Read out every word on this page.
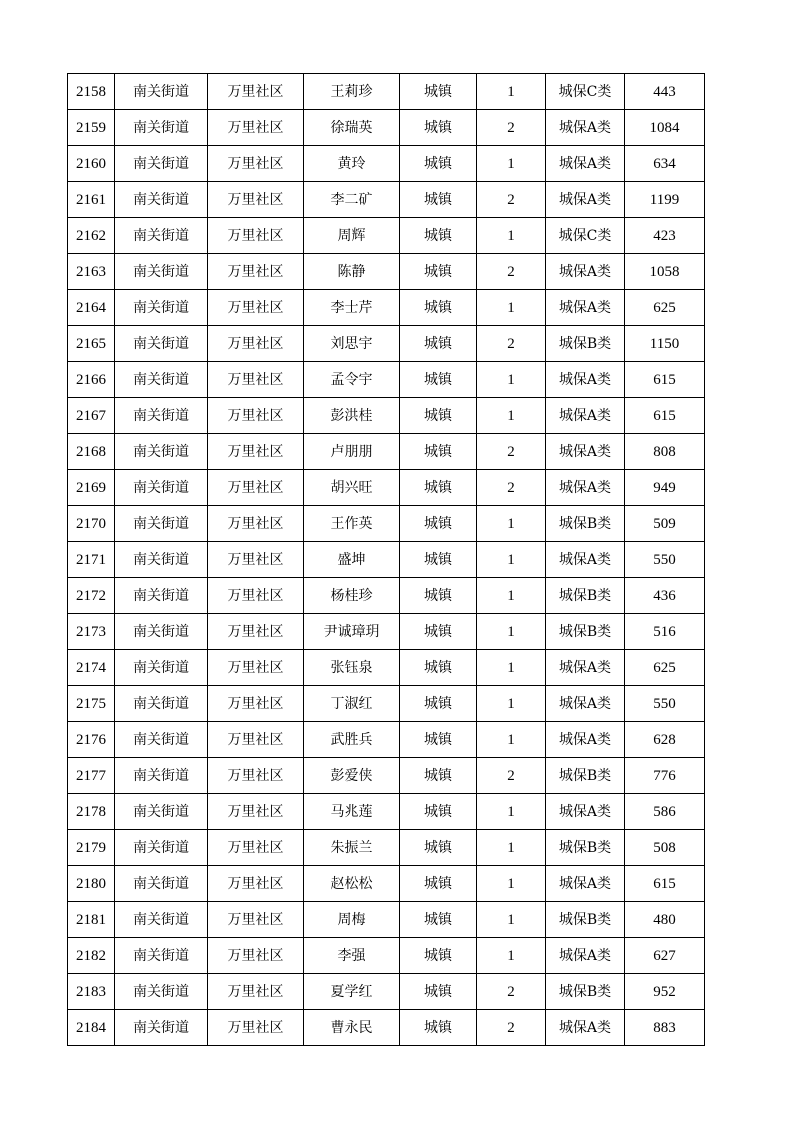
2158	南关街道	万里社区	王莉珍	城镇	1	城保C类	443
2159	南关街道	万里社区	徐瑞英	城镇	2	城保A类	1084
2160	南关街道	万里社区	黄玲	城镇	1	城保A类	634
2161	南关街道	万里社区	李二矿	城镇	2	城保A类	1199
2162	南关街道	万里社区	周辉	城镇	1	城保C类	423
2163	南关街道	万里社区	陈静	城镇	2	城保A类	1058
2164	南关街道	万里社区	李士芹	城镇	1	城保A类	625
2165	南关街道	万里社区	刘思宇	城镇	2	城保B类	1150
2166	南关街道	万里社区	孟令宇	城镇	1	城保A类	615
2167	南关街道	万里社区	彭洪桂	城镇	1	城保A类	615
2168	南关街道	万里社区	卢朋朋	城镇	2	城保A类	808
2169	南关街道	万里社区	胡兴旺	城镇	2	城保A类	949
2170	南关街道	万里社区	王作英	城镇	1	城保B类	509
2171	南关街道	万里社区	盛坤	城镇	1	城保A类	550
2172	南关街道	万里社区	杨桂珍	城镇	1	城保B类	436
2173	南关街道	万里社区	尹诚璋玥	城镇	1	城保B类	516
2174	南关街道	万里社区	张钰泉	城镇	1	城保A类	625
2175	南关街道	万里社区	丁淑红	城镇	1	城保A类	550
2176	南关街道	万里社区	武胜兵	城镇	1	城保A类	628
2177	南关街道	万里社区	彭爱侠	城镇	2	城保B类	776
2178	南关街道	万里社区	马兆莲	城镇	1	城保A类	586
2179	南关街道	万里社区	朱振兰	城镇	1	城保B类	508
2180	南关街道	万里社区	赵松松	城镇	1	城保A类	615
2181	南关街道	万里社区	周梅	城镇	1	城保B类	480
2182	南关街道	万里社区	李强	城镇	1	城保A类	627
2183	南关街道	万里社区	夏学红	城镇	2	城保B类	952
2184	南关街道	万里社区	曹永民	城镇	2	城保A类	883
